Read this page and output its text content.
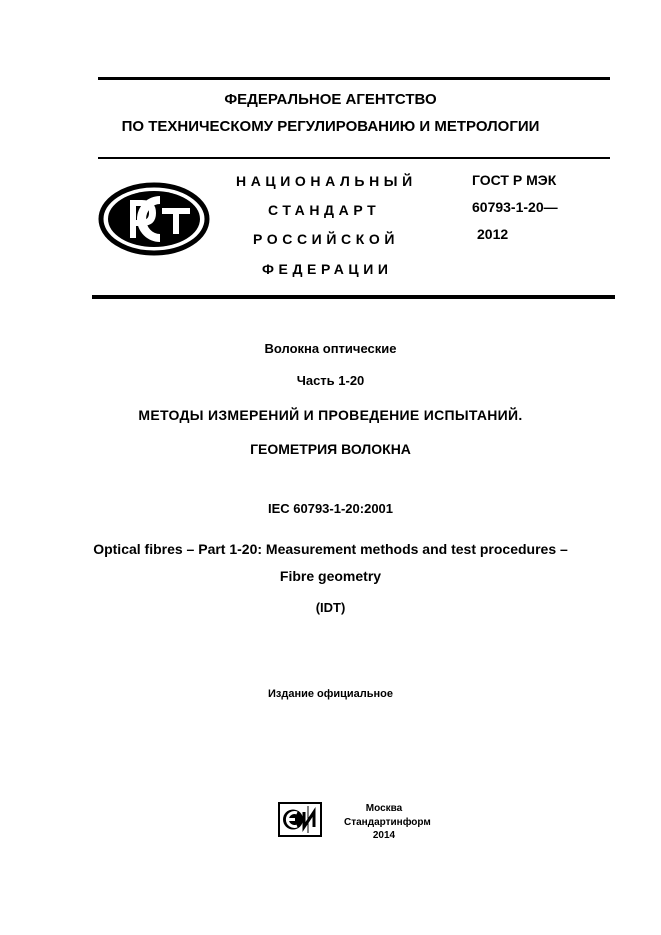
ФЕДЕРАЛЬНОЕ АГЕНТСТВО
ПО ТЕХНИЧЕСКОМУ РЕГУЛИРОВАНИЮ И МЕТРОЛОГИИ
НАЦИОНАЛЬНЫЙ
СТАНДАРТ
РОССИЙСКОЙ
ФЕДЕРАЦИИ
ГОСТ Р МЭК
60793-1-20—
2012
Волокна оптические
Часть 1-20
МЕТОДЫ ИЗМЕРЕНИЙ И ПРОВЕДЕНИЕ ИСПЫТАНИЙ.
ГЕОМЕТРИЯ ВОЛОКНА
IEC 60793-1-20:2001
Optical fibres – Part 1-20: Measurement methods and test procedures –
Fibre geometry
(IDT)
Издание официальное
Москва
Стандартинформ
2014
